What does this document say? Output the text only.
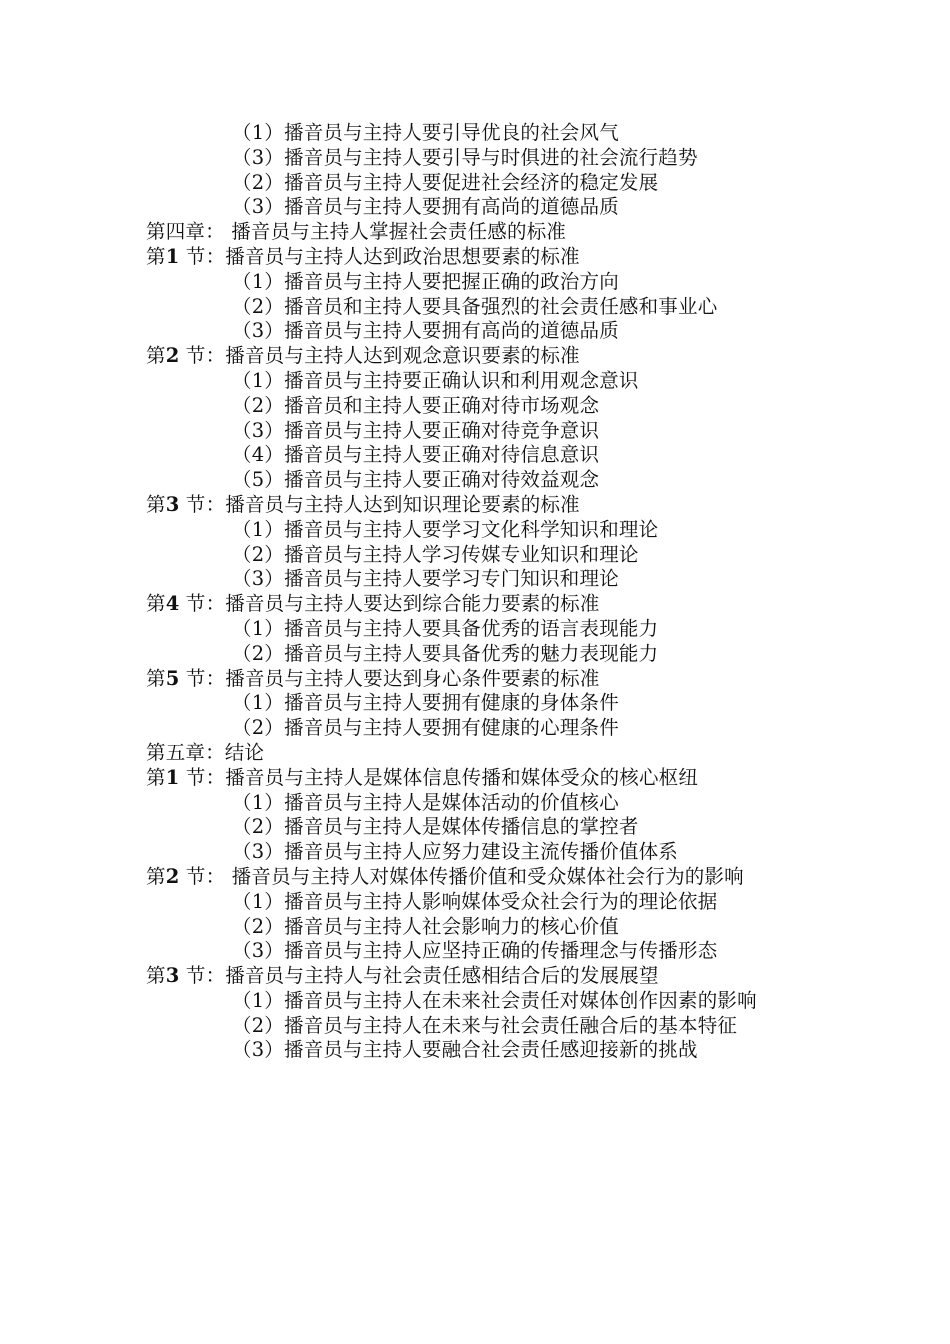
（1）播音员与主持人要引导优良的社会风气
（3）播音员与主持人要引导与时俱进的社会流行趋势
（2）播音员与主持人要促进社会经济的稳定发展
（3）播音员与主持人要拥有高尚的道德品质
第四章： 播音员与主持人掌握社会责任感的标准
第1 节：播音员与主持人达到政治思想要素的标准
（1）播音员与主持人要把握正确的政治方向
（2）播音员和主持人要具备强烈的社会责任感和事业心
（3）播音员与主持人要拥有高尚的道德品质
第2 节：播音员与主持人达到观念意识要素的标准
（1）播音员与主持要正确认识和利用观念意识
（2）播音员和主持人要正确对待市场观念
（3）播音员与主持人要正确对待竞争意识
（4）播音员与主持人要正确对待信息意识
（5）播音员与主持人要正确对待效益观念
第3 节：播音员与主持人达到知识理论要素的标准
（1）播音员与主持人要学习文化科学知识和理论
（2）播音员与主持人学习传媒专业知识和理论
（3）播音员与主持人要学习专门知识和理论
第4 节：播音员与主持人要达到综合能力要素的标准
（1）播音员与主持人要具备优秀的语言表现能力
（2）播音员与主持人要具备优秀的魅力表现能力
第5 节：播音员与主持人要达到身心条件要素的标准
（1）播音员与主持人要拥有健康的身体条件
（2）播音员与主持人要拥有健康的心理条件
第五章：结论
第1 节：播音员与主持人是媒体信息传播和媒体受众的核心枢纽
（1）播音员与主持人是媒体活动的价值核心
（2）播音员与主持人是媒体传播信息的掌控者
（3）播音员与主持人应努力建设主流传播价值体系
第2 节： 播音员与主持人对媒体传播价值和受众媒体社会行为的影响
（1）播音员与主持人影响媒体受众社会行为的理论依据
（2）播音员与主持人社会影响力的核心价值
（3）播音员与主持人应坚持正确的传播理念与传播形态
第3 节：播音员与主持人与社会责任感相结合后的发展展望
（1）播音员与主持人在未来社会责任对媒体创作因素的影响
（2）播音员与主持人在未来与社会责任融合后的基本特征
（3）播音员与主持人要融合社会责任感迎接新的挑战
